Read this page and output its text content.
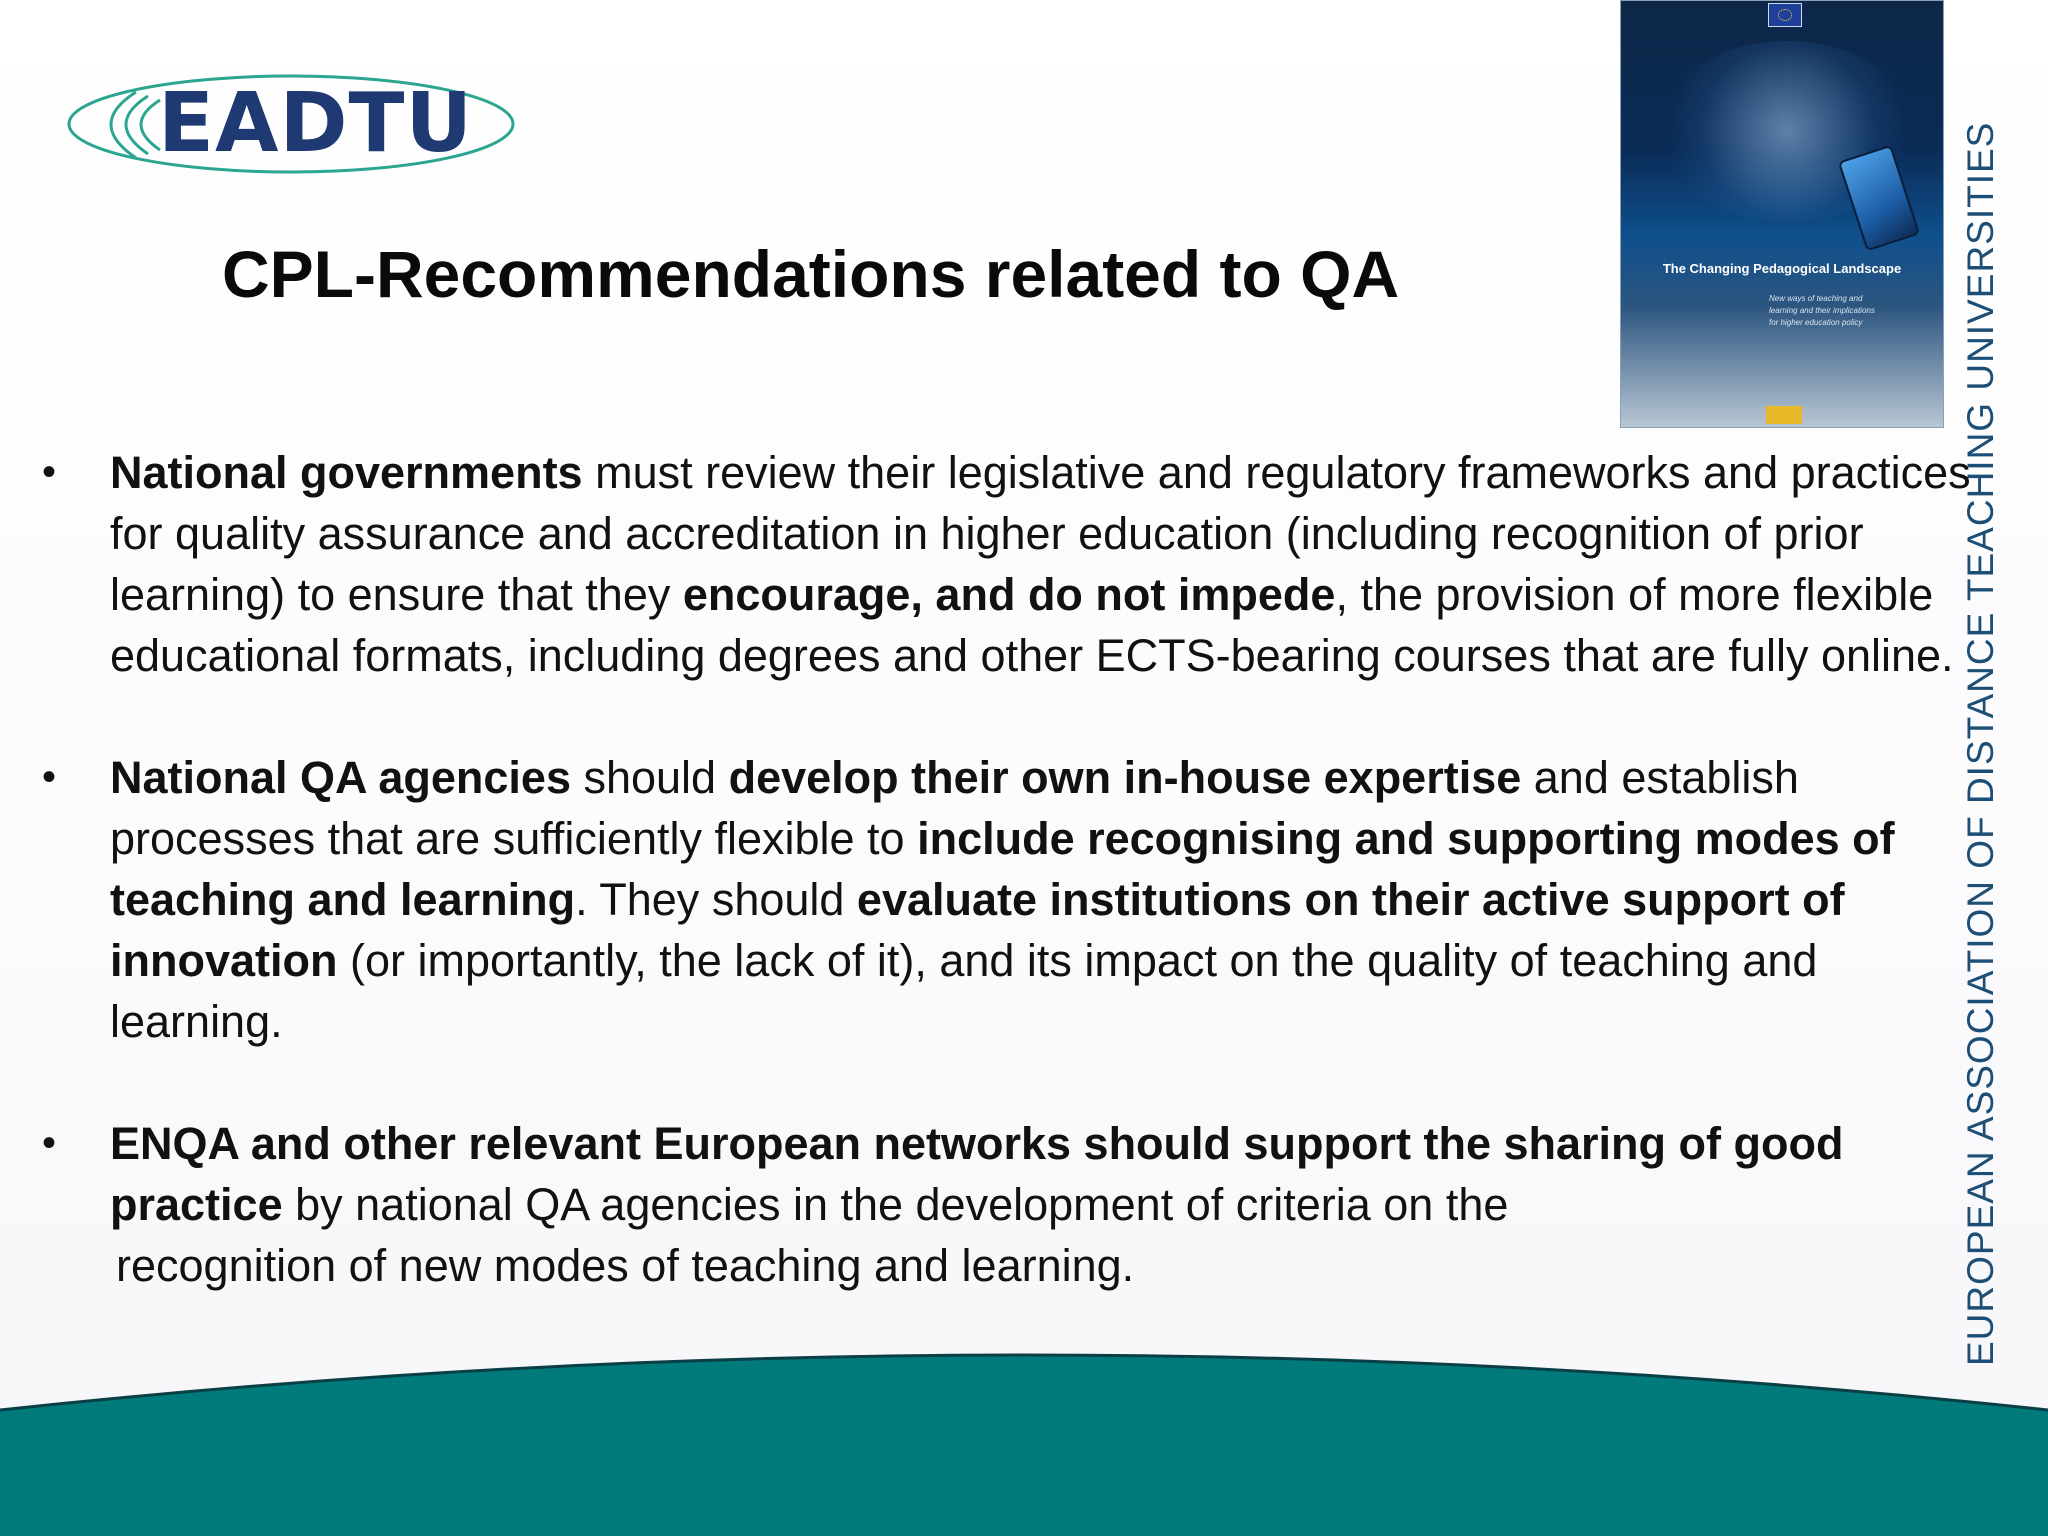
EADTU
CPL-Recommendations related to QA	The Changing Pedagogical Landscape
New ways of teaching and learning and their implications for higher education policy	EUROPEAN ASSOCIATION OF DISTANCE TEACHING UNIVERSITIES
• National governments must review their legislative and regulatory frameworks and practices for quality assurance and accreditation in higher education (including recognition of prior learning) to ensure that they encourage, and do not impede, the provision of more flexible educational formats, including degrees and other ECTS-bearing courses that are fully online.
• National QA agencies should develop their own in-house expertise and establish processes that are sufficiently flexible to include recognising and supporting modes of teaching and learning. They should evaluate institutions on their active support of innovation (or importantly, the lack of it), and its impact on the quality of teaching and learning.
• ENQA and other relevant European networks should support the sharing of good practice by national QA agencies in the development of criteria on the
recognition of new modes of teaching and learning.
